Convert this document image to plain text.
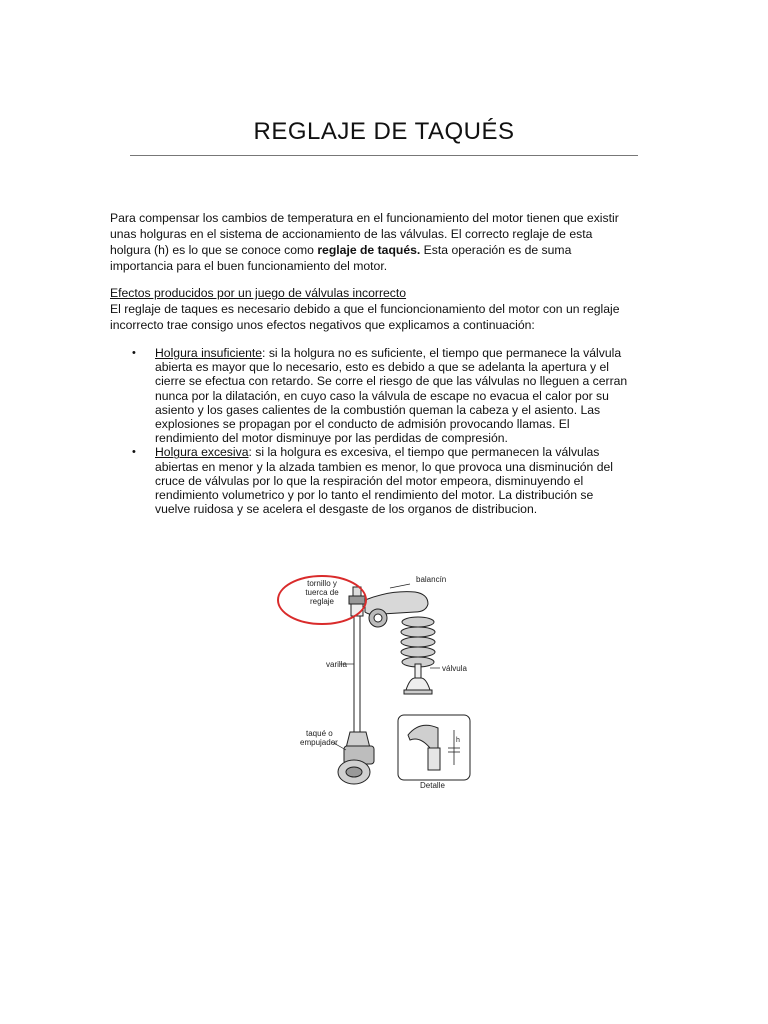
REGLAJE DE TAQUÉS

Para compensar los cambios de temperatura en el funcionamiento del motor tienen que existir unas holguras en el sistema de accionamiento de las válvulas. El correcto reglaje de esta holgura (h) es lo que se conoce como reglaje de taqués. Esta operación es de suma importancia para el buen funcionamiento del motor.

Efectos producidos por un juego de válvulas incorrecto
El reglaje de taques es necesario debido a que el funcioncionamiento del motor con un reglaje incorrecto trae consigo unos efectos negativos que explicamos a continuación:
• Holgura insuficiente: si la holgura no es suficiente, el tiempo que permanece la válvula abierta es mayor que lo necesario, esto es debido a que se adelanta la apertura y el cierre se efectua con retardo. Se corre el riesgo de que las válvulas no lleguen a cerran nunca por la dilatación, en cuyo caso la válvula de escape no evacua el calor por su asiento y los gases calientes de la combustión queman la cabeza y el asiento. Las explosiones se propagan por el conducto de admisión provocando llamas. El rendimiento del motor disminuye por las perdidas de compresión.
• Holgura excesiva: si la holgura es excesiva, el tiempo que permanecen la válvulas abiertas en menor y la alzada tambien es menor, lo que provoca una disminución del cruce de válvulas por lo que la respiración del motor empeora, disminuyendo el rendimiento volumetrico y por lo tanto el rendimiento del motor. La distribución se vuelve ruidosa y se acelera el desgaste de los organos de distribucion.
tornillo y
tuerca de
reglaje
balancín
varilla	válvula
taqué o
empujador
Detalle
h
